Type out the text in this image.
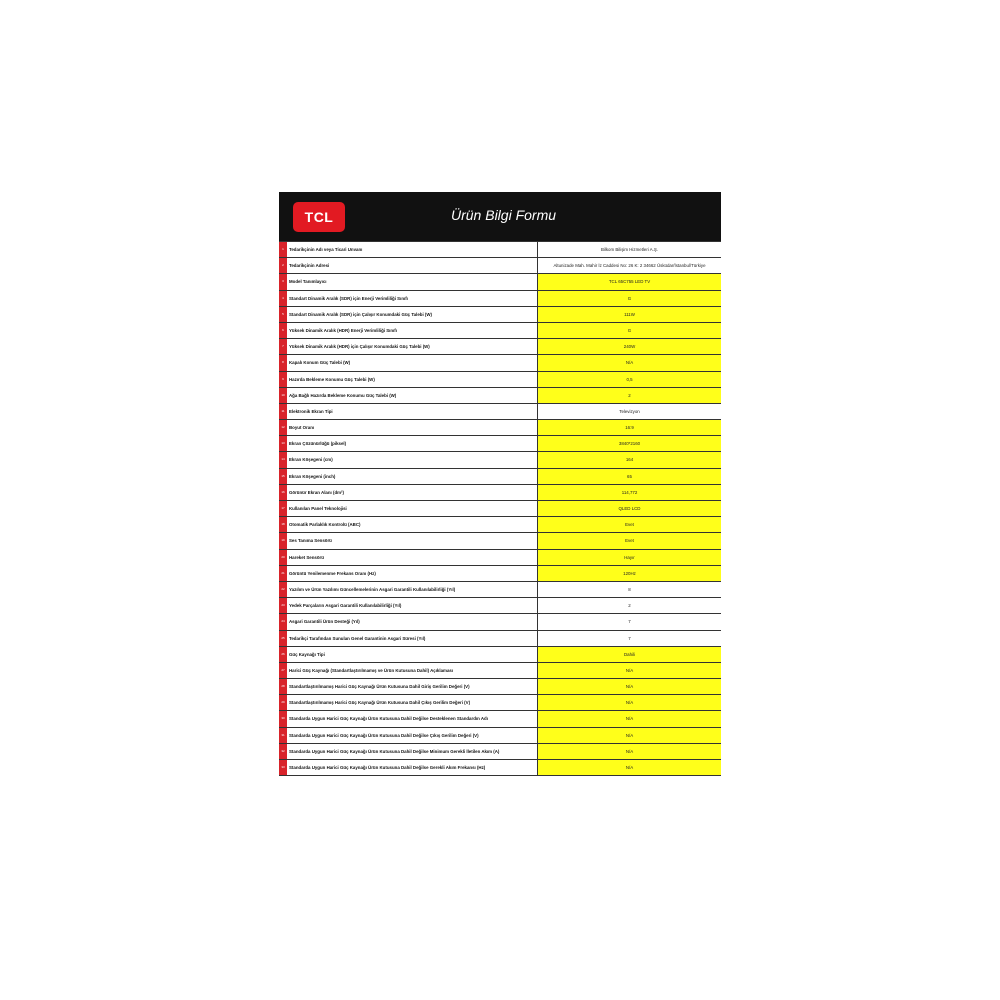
TCL	Ürün Bilgi Formu
1	Tedarikçinin Adı veya Ticari Unvanı	Bilkom Bilişim Hizmetleri A.Ş.
2	Tedarikçinin Adresi	Altunizade Mah. Mahir İz Caddesi No: 26 K: 2 34662 Üsküdar/İstanbul/Türkiye
3	Model Tanımlayıcı	TCL 65C755 LED TV
4	Standart Dinamik Aralık (SDR) için Enerji Verimliliği Sınıfı	G
5	Standart Dinamik Aralık (SDR) için Çalışır Konumdaki Güç Talebi (W)	111W
6	Yüksek Dinamik Aralık (HDR) Enerji Verimliliği Sınıfı	G
7	Yüksek Dinamik Aralık (HDR) için Çalışır Konumdaki Güç Talebi (W)	240W
8	Kapalı Konum Güç Talebi (W)	N/A
9	Hazırda Bekleme Konumu Güç Talebi (W)	0,5
10 Ağa Bağlı Hazırda Bekleme Konumu Güç Talebi (W)	2
11	Elektronik Ekran Tipi	Televizyon
12 Boyut Oranı	16:9
13 Ekran Çözünürlüğü (piksel)	3840*2160
14 Ekran Köşegeni (cm)	164
15 Ekran Köşegeni (inch)	65
16 Görünür Ekran Alanı (dm²)	114,772
17 Kullanılan Panel Teknolojisi	QLED LCD
18 Otomatik Parlaklık Kontrolü (ABC)	Evet
19 Ses Tanıma Sensörü	Evet
20 Hareket Sensörü	Hayır
21 Görüntü Yenilemenme Frekans Oranı (Hz)	120Hz
22 Yazılım ve Ürün Yazılımı Güncellemelerinin Asgari Garantili Kullanılabilirliği (Yıl)	8
23 Yedek Parçaların Asgari Garantili Kullanılabilirliği (Yıl)	2
24 Asgari Garantili Ürün Desteği (Yıl)	7
25 Tedarikçi Tarafından Sunulan Genel Garantinin Asgari Süresi (Yıl)	7
26 Güç Kaynağı Tipi	Dahili
27 Harici Güç Kaynağı (Standartlaştırılmamış ve Ürün Kutusuna Dahil) Açıklaması	N/A
28 Standartlaştırılmamış Harici Güç Kaynağı Ürün Kutusuna Dahil Giriş Gerilim Değeri (V)	N/A
29 Standartlaştırılmamış Harici Güç Kaynağı Ürün Kutusuna Dahil Çıkış Gerilim Değeri (V)	N/A
30 Standarda Uygun Harici Güç Kaynağı Ürün Kutusuna Dahil Değilse Desteklenen Standardın Adı	N/A
31 Standarda Uygun Harici Güç Kaynağı Ürün Kutusuna Dahil Değilse Çıkış Gerilim Değeri (V)	N/A
32 Standarda Uygun Harici Güç Kaynağı Ürün Kutusuna Dahil Değilse Minimum Gerekli İletilen Akım (A)	N/A
33 Standarda Uygun Harici Güç Kaynağı Ürün Kutusuna Dahil Değilse Gerekli Akım Frekansı (Hz)	N/A
